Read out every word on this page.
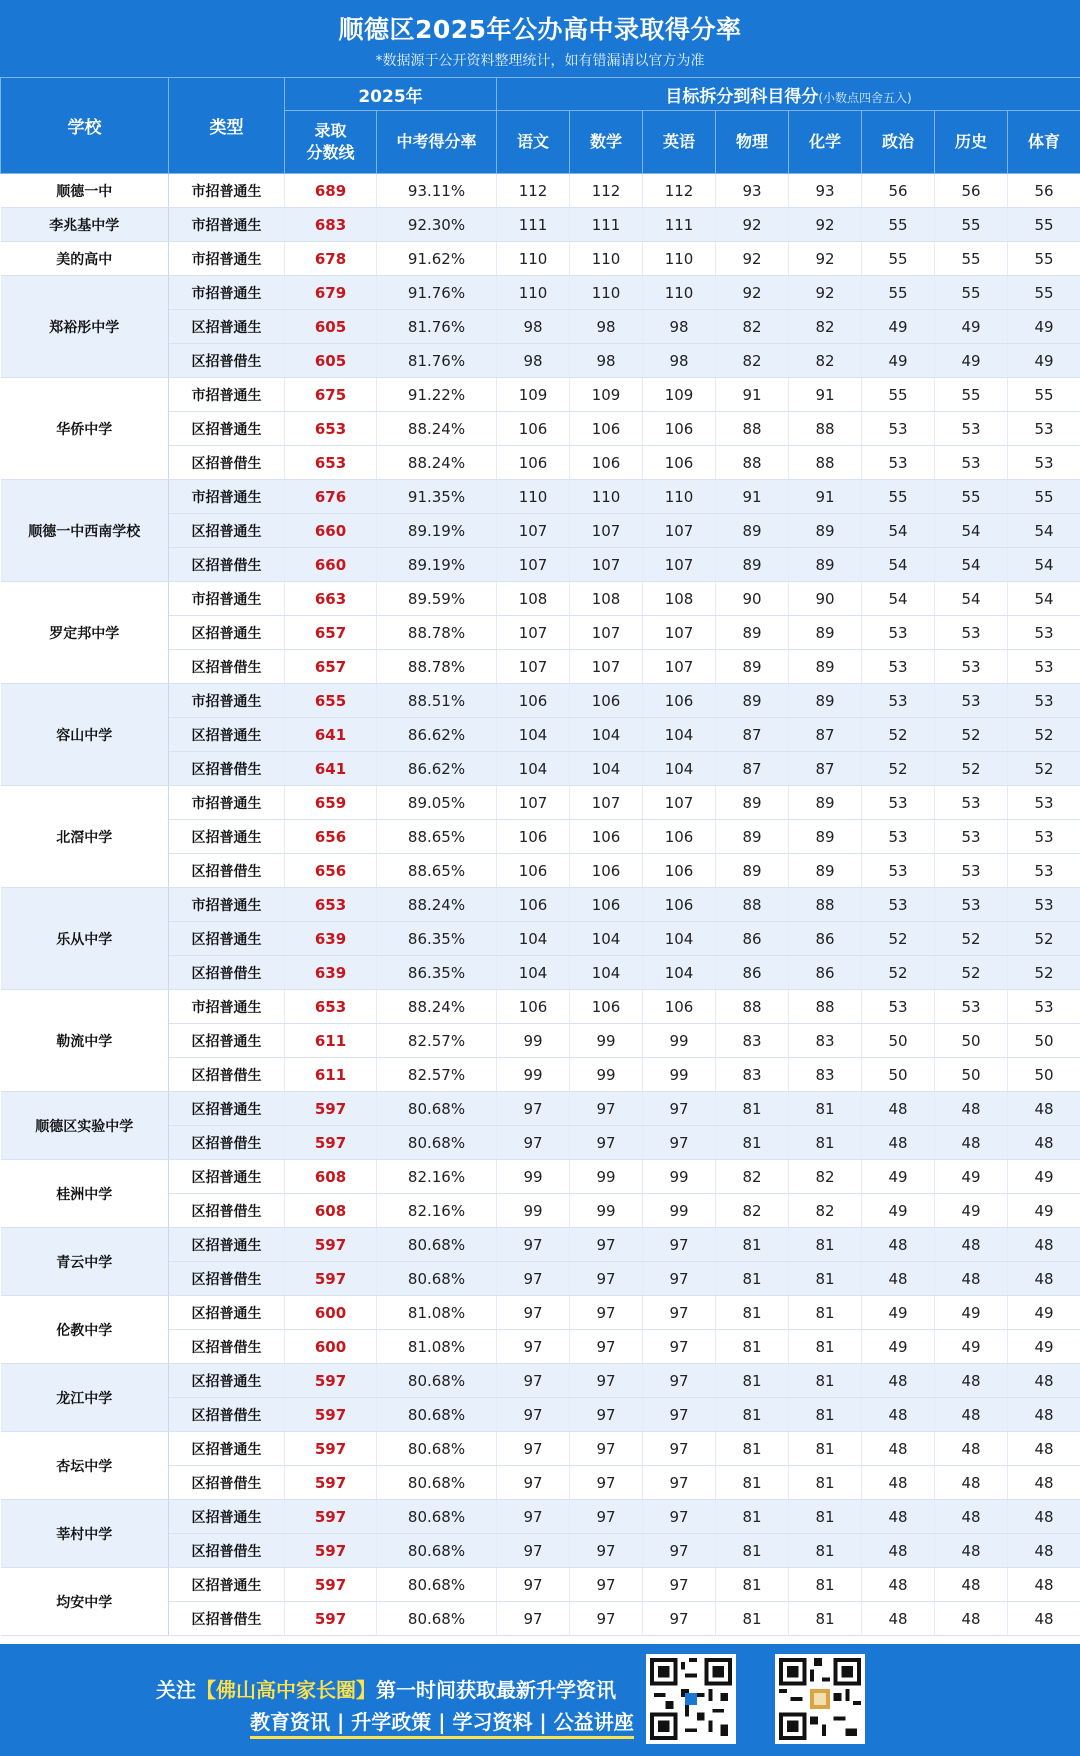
顺德区2025年公办高中录取得分率
*数据源于公开资料整理统计，如有错漏请以官方为准
学校	类型	2025年		目标拆分到科目得分(小数点四舍五入)							
		录取
分数线	中考得分率	语文	数学	英语	物理	化学	政治	历史	体育
顺德一中	市招普通生	689	93.11%	112	112	112	93	93	56	56	56
李兆基中学	市招普通生	683	92.30%	111	111	111	92	92	55	55	55
美的高中	市招普通生	678	91.62%	110	110	110	92	92	55	55	55
郑裕彤中学	市招普通生	679	91.76%	110	110	110	92	92	55	55	55
	区招普通生	605	81.76%	98	98	98	82	82	49	49	49
	区招普借生	605	81.76%	98	98	98	82	82	49	49	49
华侨中学	市招普通生	675	91.22%	109	109	109	91	91	55	55	55
	区招普通生	653	88.24%	106	106	106	88	88	53	53	53
	区招普借生	653	88.24%	106	106	106	88	88	53	53	53
顺德一中西南学校	市招普通生	676	91.35%	110	110	110	91	91	55	55	55
	区招普通生	660	89.19%	107	107	107	89	89	54	54	54
	区招普借生	660	89.19%	107	107	107	89	89	54	54	54
罗定邦中学	市招普通生	663	89.59%	108	108	108	90	90	54	54	54
	区招普通生	657	88.78%	107	107	107	89	89	53	53	53
	区招普借生	657	88.78%	107	107	107	89	89	53	53	53
容山中学	市招普通生	655	88.51%	106	106	106	89	89	53	53	53
	区招普通生	641	86.62%	104	104	104	87	87	52	52	52
	区招普借生	641	86.62%	104	104	104	87	87	52	52	52
北滘中学	市招普通生	659	89.05%	107	107	107	89	89	53	53	53
	区招普通生	656	88.65%	106	106	106	89	89	53	53	53
	区招普借生	656	88.65%	106	106	106	89	89	53	53	53
乐从中学	市招普通生	653	88.24%	106	106	106	88	88	53	53	53
	区招普通生	639	86.35%	104	104	104	86	86	52	52	52
	区招普借生	639	86.35%	104	104	104	86	86	52	52	52
勒流中学	市招普通生	653	88.24%	106	106	106	88	88	53	53	53
	区招普通生	611	82.57%	99	99	99	83	83	50	50	50
	区招普借生	611	82.57%	99	99	99	83	83	50	50	50
顺德区实验中学	区招普通生	597	80.68%	97	97	97	81	81	48	48	48
	区招普借生	597	80.68%	97	97	97	81	81	48	48	48
桂洲中学	区招普通生	608	82.16%	99	99	99	82	82	49	49	49
	区招普借生	608	82.16%	99	99	99	82	82	49	49	49
青云中学	区招普通生	597	80.68%	97	97	97	81	81	48	48	48
	区招普借生	597	80.68%	97	97	97	81	81	48	48	48
伦教中学	区招普通生	600	81.08%	97	97	97	81	81	49	49	49
	区招普借生	600	81.08%	97	97	97	81	81	49	49	49
龙江中学	区招普通生	597	80.68%	97	97	97	81	81	48	48	48
	区招普借生	597	80.68%	97	97	97	81	81	48	48	48
杏坛中学	区招普通生	597	80.68%	97	97	97	81	81	48	48	48
	区招普借生	597	80.68%	97	97	97	81	81	48	48	48
莘村中学	区招普通生	597	80.68%	97	97	97	81	81	48	48	48
	区招普借生	597	80.68%	97	97	97	81	81	48	48	48
均安中学	区招普通生	597	80.68%	97	97	97	81	81	48	48	48
	区招普借生	597	80.68%	97	97	97	81	81	48	48	48
关注【佛山高中家长圈】第一时间获取最新升学资讯
教育资讯 | 升学政策 | 学习资料 | 公益讲座
